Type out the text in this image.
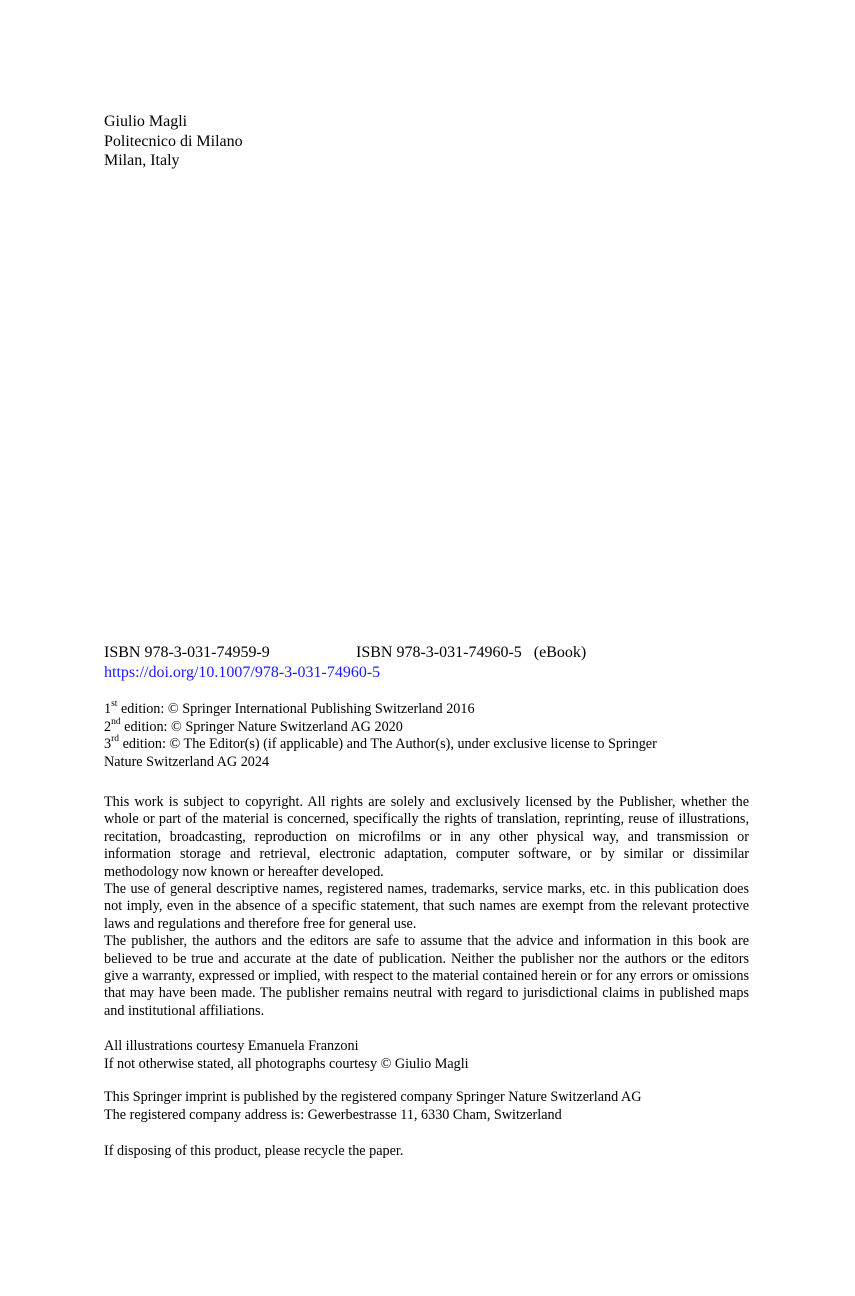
Giulio Magli
Politecnico di Milano
Milan, Italy
ISBN 978-3-031-74959-9	ISBN 978-3-031-74960-5 (eBook)
https://doi.org/10.1007/978-3-031-74960-5
1st edition: © Springer International Publishing Switzerland 2016
2nd edition: © Springer Nature Switzerland AG 2020
3rd edition: © The Editor(s) (if applicable) and The Author(s), under exclusive license to Springer
Nature Switzerland AG 2024

This work is subject to copyright. All rights are solely and exclusively licensed by the Publisher, whether the whole or part of the material is concerned, specifically the rights of translation, reprinting, reuse of illustrations, recitation, broadcasting, reproduction on microfilms or in any other physical way, and transmission or information storage and retrieval, electronic adaptation, computer software, or by similar or dissimilar methodology now known or hereafter developed.

The use of general descriptive names, registered names, trademarks, service marks, etc. in this publication does not imply, even in the absence of a specific statement, that such names are exempt from the relevant protective laws and regulations and therefore free for general use.

The publisher, the authors and the editors are safe to assume that the advice and information in this book are believed to be true and accurate at the date of publication. Neither the publisher nor the authors or the editors give a warranty, expressed or implied, with respect to the material contained herein or for any errors or omissions that may have been made. The publisher remains neutral with regard to jurisdictional claims in published maps and institutional affiliations.

All illustrations courtesy Emanuela Franzoni
If not otherwise stated, all photographs courtesy © Giulio Magli
This Springer imprint is published by the registered company Springer Nature Switzerland AG
The registered company address is: Gewerbestrasse 11, 6330 Cham, Switzerland
If disposing of this product, please recycle the paper.
